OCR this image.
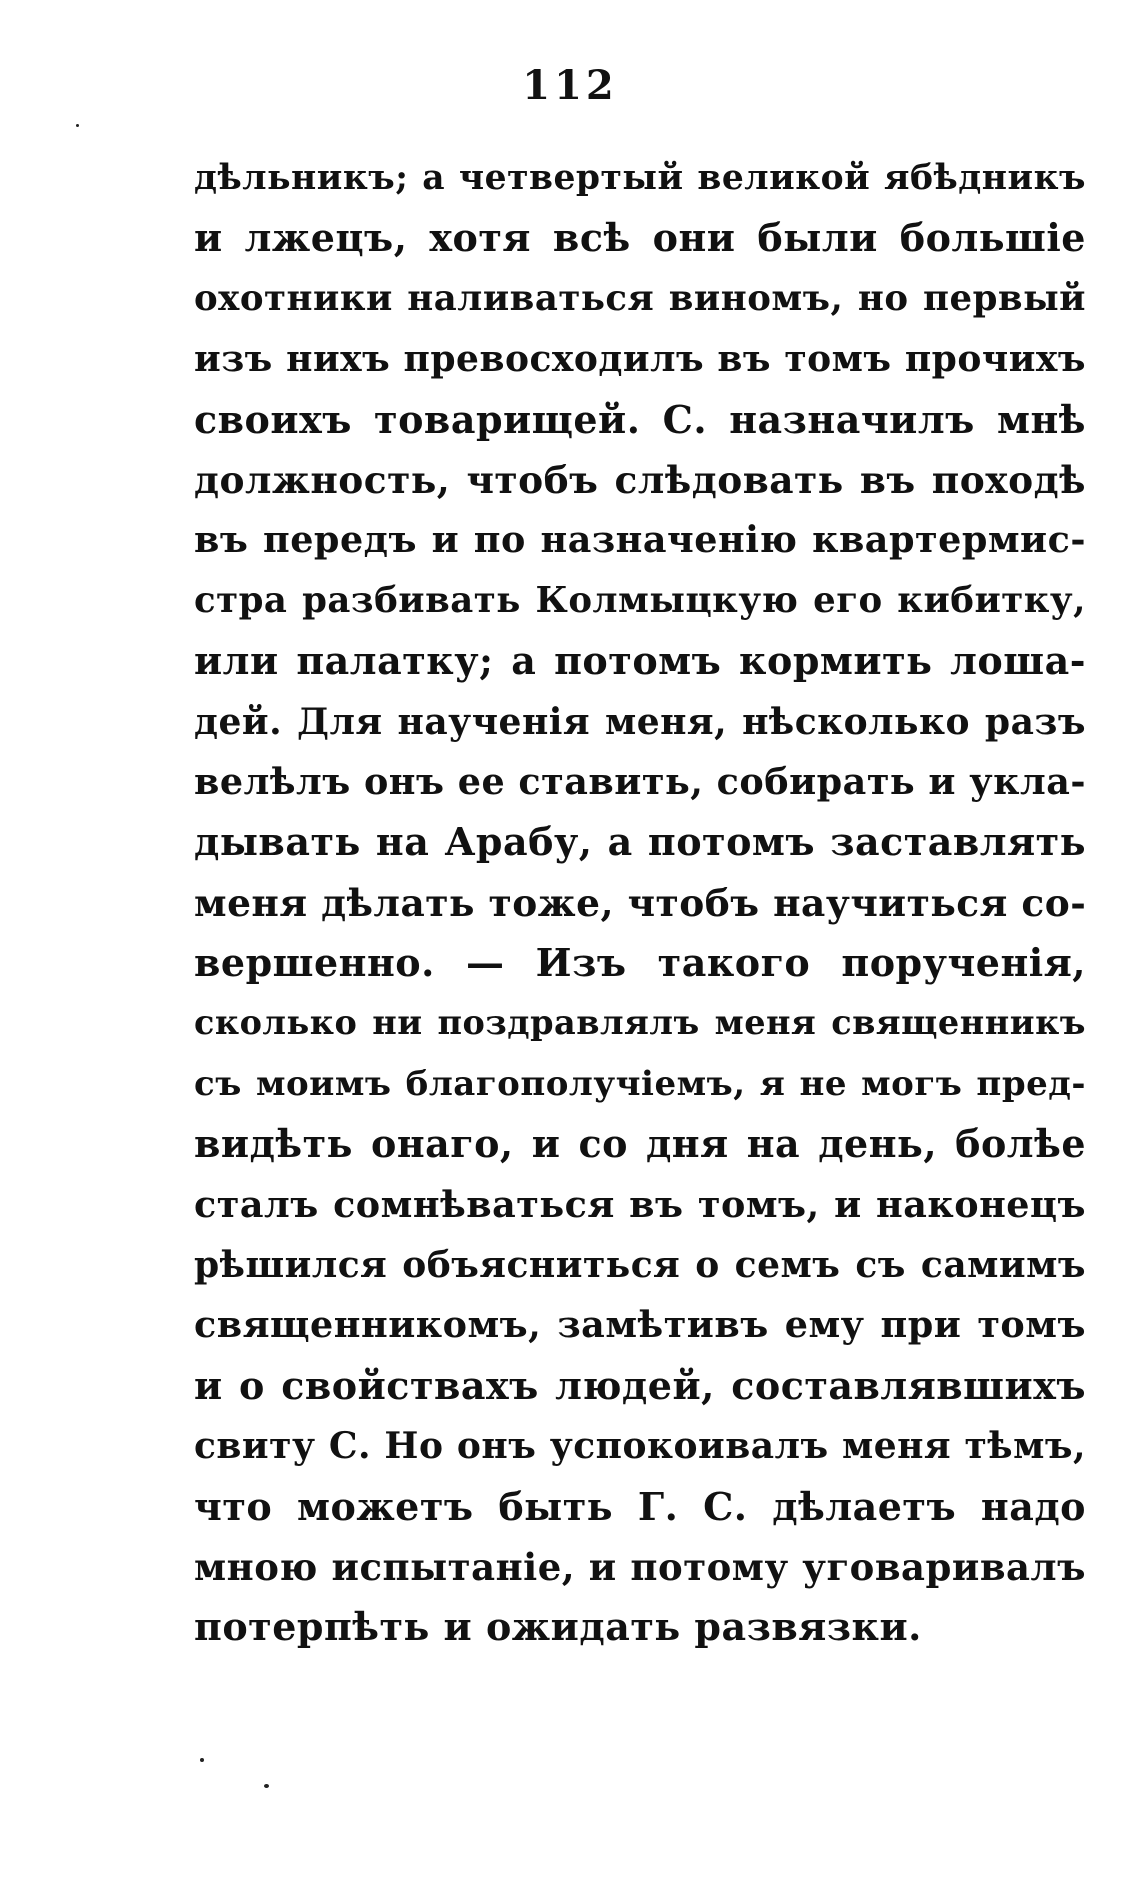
112
дѣльникъ; а четвертый великой ябѣдникъ
и лжецъ, хотя всѣ они были большіе
охотники наливаться виномъ, но первый
изъ нихъ превосходилъ въ томъ прочихъ
своихъ товарищей. С. назначилъ мнѣ
должность, чтобъ слѣдовать въ походѣ
въ передъ и по назначенію квартермис-
стра разбивать Колмыцкую его кибитку,
или палатку; а потомъ кормить лоша-
дей. Для наученія меня, нѣсколько разъ
велѣлъ онъ ее ставить, собирать и укла-
дывать на Арабу, а потомъ заставлять
меня дѣлать тоже, чтобъ научиться со-
вершенно. — Изъ такого порученія,
сколько ни поздравлялъ меня священникъ
съ моимъ благополучіемъ, я не могъ пред-
видѣть онаго, и со дня на день, болѣе
сталъ сомнѣваться въ томъ, и наконецъ
рѣшился объясниться о семъ съ самимъ
священникомъ, замѣтивъ ему при томъ
и о свойствахъ людей, составлявшихъ
свиту С. Но онъ успокоивалъ меня тѣмъ,
что можетъ быть Г. С. дѣлаетъ надо
мною испытаніе, и потому уговаривалъ
потерпѣть и ожидать развязки.
